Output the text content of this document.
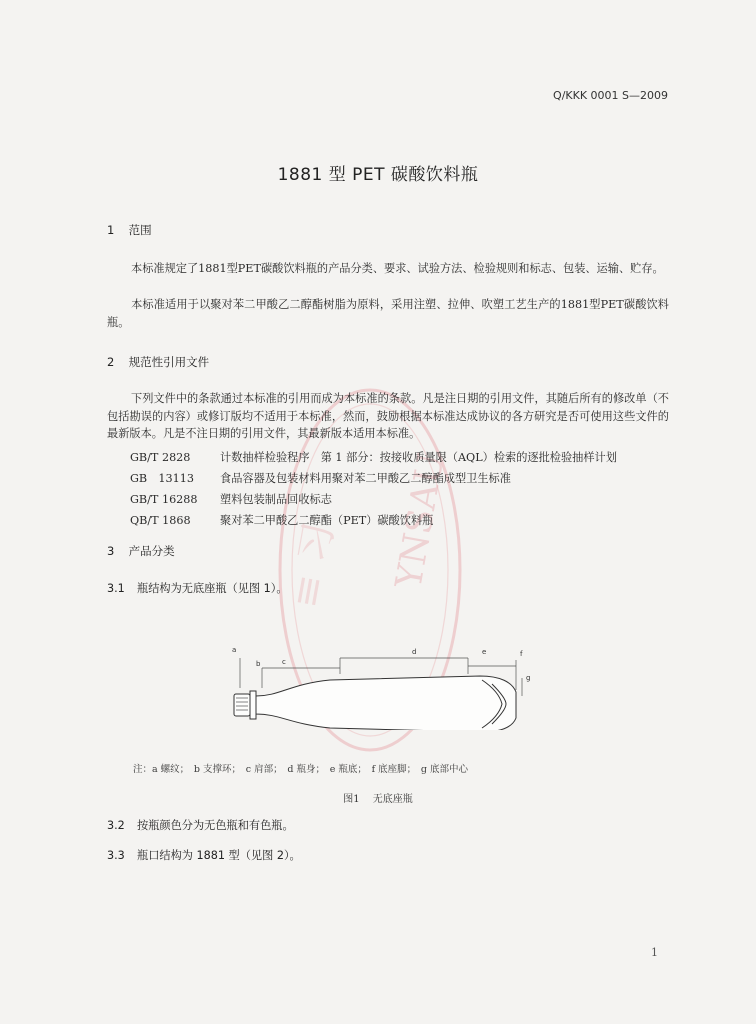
YNSAU
≡ 习
Q/KKK 0001 S—2009
1881 型 PET 碳酸饮料瓶
1 范围
本标准规定了1881型PET碳酸饮料瓶的产品分类、要求、试验方法、检验规则和标志、包装、运输、贮存。
本标准适用于以聚对苯二甲酸乙二醇酯树脂为原料，采用注塑、拉伸、吹塑工艺生产的1881型PET碳酸饮料瓶。
2 规范性引用文件
下列文件中的条款通过本标准的引用而成为本标准的条款。凡是注日期的引用文件，其随后所有的修改单（不包括勘误的内容）或修订版均不适用于本标准，然而，鼓励根据本标准达成协议的各方研究是否可使用这些文件的最新版本。凡是不注日期的引用文件，其最新版本适用本标准。
GB/T 2828	计数抽样检验程序　第 1 部分：按接收质量限（AQL）检索的逐批检验抽样计划
GB　13113	食品容器及包装材料用聚对苯二甲酸乙二醇酯成型卫生标准
GB/T 16288	塑料包装制品回收标志
QB/T 1868	聚对苯二甲酸乙二醇酯（PET）碳酸饮料瓶
3 产品分类
3.1 瓶结构为无底座瓶（见图 1）。
a
b	c
d	e	f
g
注：a 螺纹；　b 支撑环；　c 肩部；　d 瓶身；　e 瓶底；　f 底座脚；　g 底部中心
图1 无底座瓶
3.2 按瓶颜色分为无色瓶和有色瓶。
3.3 瓶口结构为 1881 型（见图 2）。
1
